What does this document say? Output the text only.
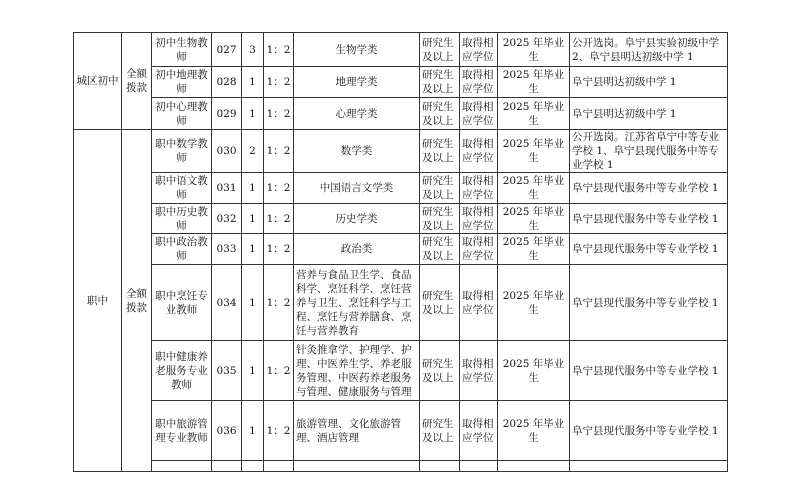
城区初中	全额拨款	初中生物教师	027	3	1：2	生物学类	研究生及以上	取得相应学位	2025 年毕业生	公开选岗。阜宁县实验初级中学 2、阜宁县明达初级中学 1
		初中地理教师	028	1	1：2	地理学类	研究生及以上	取得相应学位	2025 年毕业生	阜宁县明达初级中学 1
		初中心理教师	029	1	1：2	心理学类	研究生及以上	取得相应学位	2025 年毕业生	阜宁县明达初级中学 1
职中	全额拨款	职中数学教师	030	2	1：2	数学类	研究生及以上	取得相应学位	2025 年毕业生	公开选岗。江苏省阜宁中等专业学校 1、阜宁县现代服务中等专业学校 1
		职中语文教师	031	1	1：2	中国语言文学类	研究生及以上	取得相应学位	2025 年毕业生	阜宁县现代服务中等专业学校 1
		职中历史教师	032	1	1：2	历史学类	研究生及以上	取得相应学位	2025 年毕业生	阜宁县现代服务中等专业学校 1
		职中政治教师	033	1	1：2	政治类	研究生及以上	取得相应学位	2025 年毕业生	阜宁县现代服务中等专业学校 1
		职中烹饪专业教师	034	1	1：2	营养与食品卫生学、食品科学、烹饪科学、烹饪营养与卫生、烹饪科学与工程、烹饪与营养膳食、烹饪与营养教育	研究生及以上	取得相应学位	2025 年毕业生	阜宁县现代服务中等专业学校 1
		职中健康养老服务专业教师	035	1	1：2	针灸推拿学、护理学、护理、中医养生学、养老服务管理、中医药养老服务与管理、健康服务与管理	研究生及以上	取得相应学位	2025 年毕业生	阜宁县现代服务中等专业学校 1
		职中旅游管理专业教师	036	1	1：2	旅游管理、文化旅游管理、酒店管理	研究生及以上	取得相应学位	2025 年毕业生	阜宁县现代服务中等专业学校 1
